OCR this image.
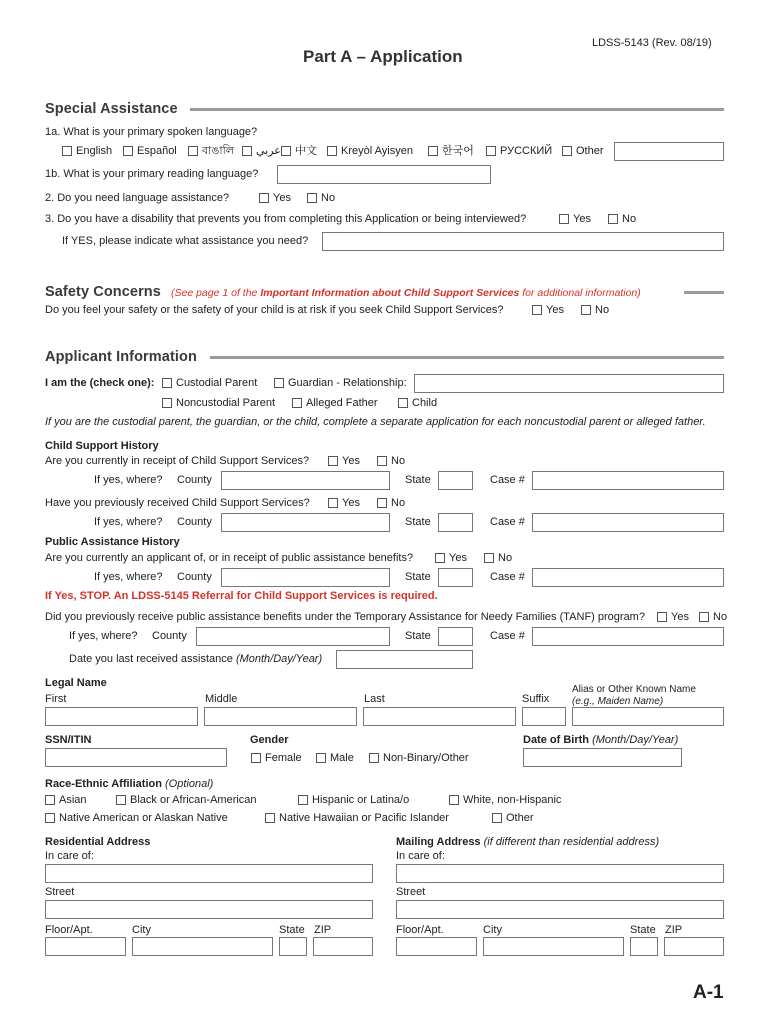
LDSS-5143 (Rev. 08/19)
Part A – Application
Special Assistance
1a. What is your primary spoken language?
English Español বাঙালি عربي 中文 Kreyòl Ayisyen	한국어 РУССКИЙ Other
1b. What is your primary reading language?
2. Do you need language assistance?	Yes	No
3. Do you have a disability that prevents you from completing this Application or being interviewed?	Yes	No
If YES, please indicate what assistance you need?
Safety Concerns (See page 1 of the Important Information about Child Support Services for additional information)
Do you feel your safety or the safety of your child is at risk if you seek Child Support Services?	Yes	No
Applicant Information
I am the (check one): Custodial Parent	Guardian - Relationship:
Noncustodial Parent	Alleged Father	Child
If you are the custodial parent, the guardian, or the child, complete a separate application for each noncustodial parent or alleged father.
Child Support History
Are you currently in receipt of Child Support Services?	Yes	No
If yes, where? County	State	Case #
Have you previously received Child Support Services?	Yes	No
If yes, where? County	State	Case #
Public Assistance History
Are you currently an applicant of, or in receipt of public assistance benefits?	Yes	No
If yes, where? County	State	Case #
If Yes, STOP. An LDSS-5145 Referral for Child Support Services is required.
Did you previously receive public assistance benefits under the Temporary Assistance for Needy Families (TANF) program? Yes No
If yes, where? County	State	Case #
Date you last received assistance (Month/Day/Year)
Legal Name
First	Middle	Last	Suffix
Alias or Other Known Name
(e.g., Maiden Name)
SSN/ITIN	Gender
Female	Male	Non-Binary/Other
Date of Birth (Month/Day/Year)
Race-Ethnic Affiliation (Optional)
Asian	Black or African-American	Hispanic or Latina/o	White, non-Hispanic
Native American or Alaskan Native	Native Hawaiian or Pacific Islander	Other
Residential Address
In care of:
Street
Floor/Apt.	City	State ZIP
Mailing Address (if different than residential address)
In care of:
Street
Floor/Apt.	City	State ZIP
A-1
